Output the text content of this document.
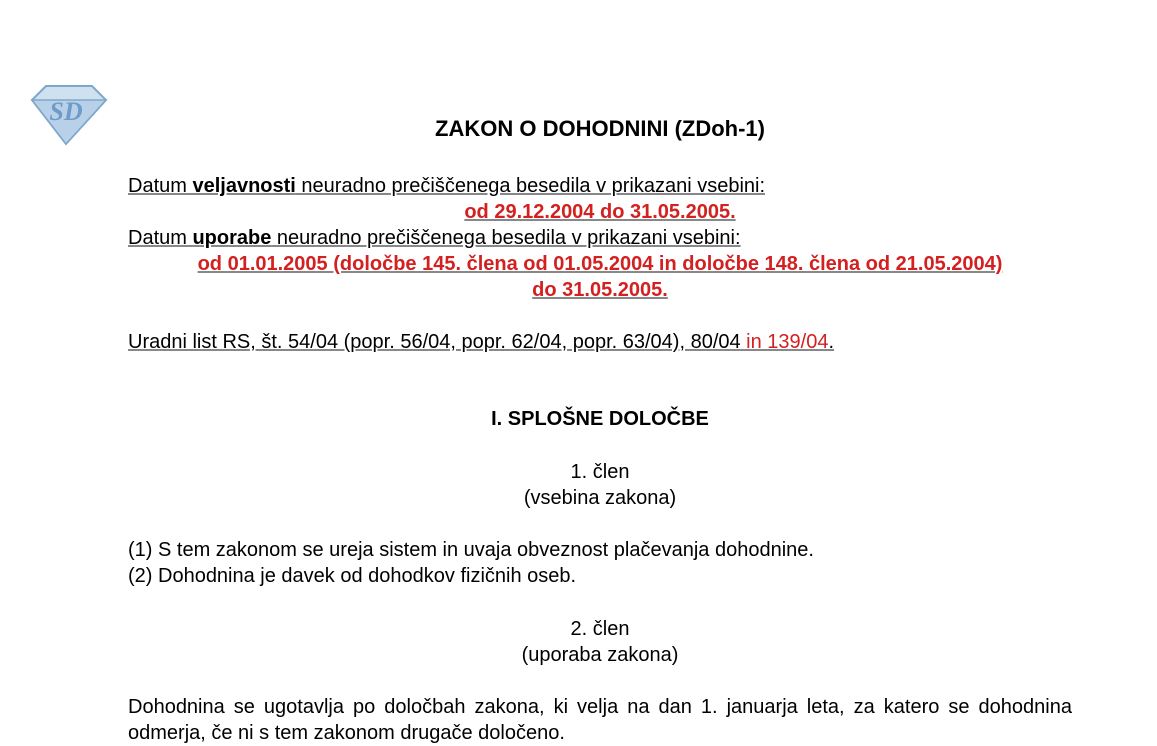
SD
ZAKON O DOHODNINI (ZDoh-1)
Datum veljavnosti neuradno prečiščenega besedila v prikazani vsebini:
od 29.12.2004 do 31.05.2005.
Datum uporabe neuradno prečiščenega besedila v prikazani vsebini:
od 01.01.2005 (določbe 145. člena od 01.05.2004 in določbe 148. člena od 21.05.2004)
do 31.05.2005.
Uradni list RS, št. 54/04 (popr. 56/04, popr. 62/04, popr. 63/04), 80/04 in 139/04.
I. SPLOŠNE DOLOČBE
1. člen
(vsebina zakona)
(1) S tem zakonom se ureja sistem in uvaja obveznost plačevanja dohodnine.
(2) Dohodnina je davek od dohodkov fizičnih oseb.
2. člen
(uporaba zakona)
Dohodnina se ugotavlja po določbah zakona, ki velja na dan 1. januarja leta, za katero se dohodnina odmerja, če ni s tem zakonom drugače določeno.
